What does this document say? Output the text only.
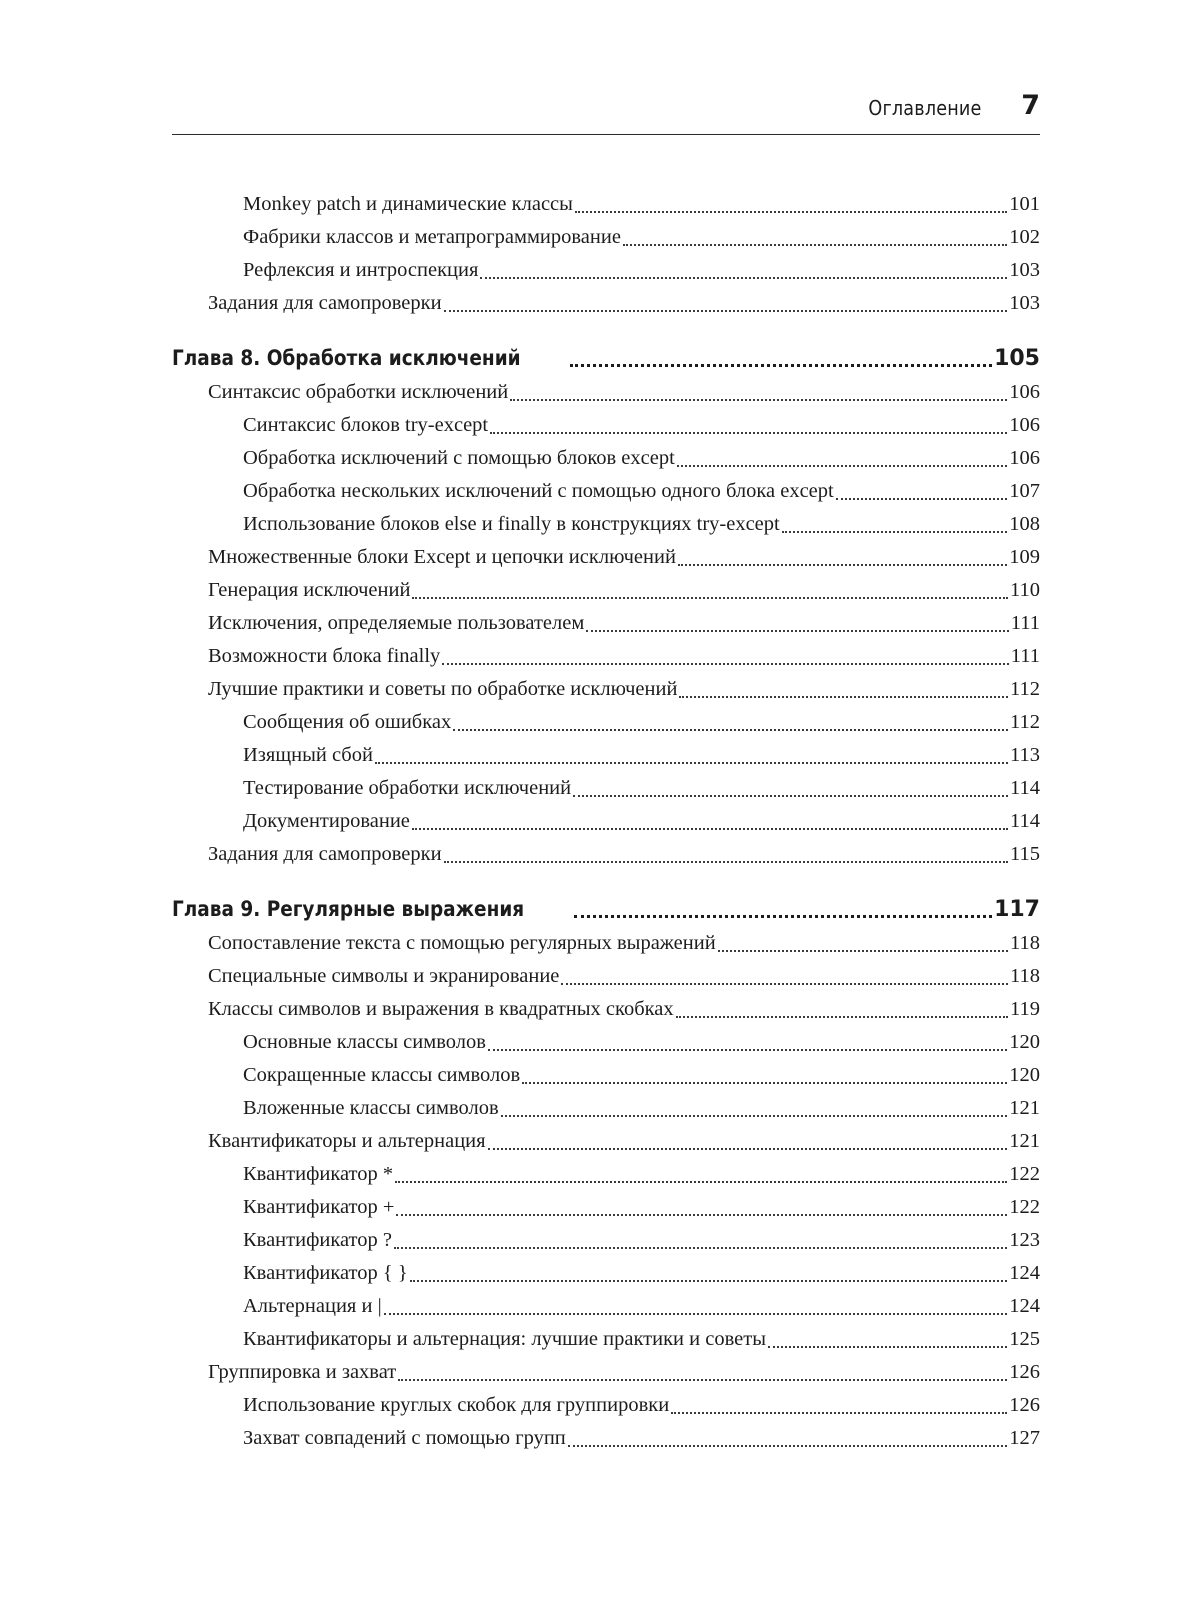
Оглавление 7
Monkey patch и динамические классы	101
Фабрики классов и метапрограммирование	102
Рефлексия и интроспекция	103
Задания для самопроверки	103
Глава 8. Обработка исключений	105
Синтаксис обработки исключений	106
Синтаксис блоков try-except	106
Обработка исключений с помощью блоков except	106
Обработка нескольких исключений с помощью одного блока except	107
Использование блоков else и finally в конструкциях try-except	108
Множественные блоки Except и цепочки исключений	109
Генерация исключений	110
Исключения, определяемые пользователем	111
Возможности блока finally	111
Лучшие практики и советы по обработке исключений	112
Сообщения об ошибках	112
Изящный сбой	113
Тестирование обработки исключений	114
Документирование	114
Задания для самопроверки	115
Глава 9. Регулярные выражения	117
Сопоставление текста с помощью регулярных выражений	118
Специальные символы и экранирование	118
Классы символов и выражения в квадратных скобках	119
Основные классы символов	120
Сокращенные классы символов	120
Вложенные классы символов	121
Квантификаторы и альтернация	121
Квантификатор *	122
Квантификатор +	122
Квантификатор ?	123
Квантификатор { }	124
Альтернация и |	124
Квантификаторы и альтернация: лучшие практики и советы	125
Группировка и захват	126
Использование круглых скобок для группировки	126
Захват совпадений с помощью групп	127
